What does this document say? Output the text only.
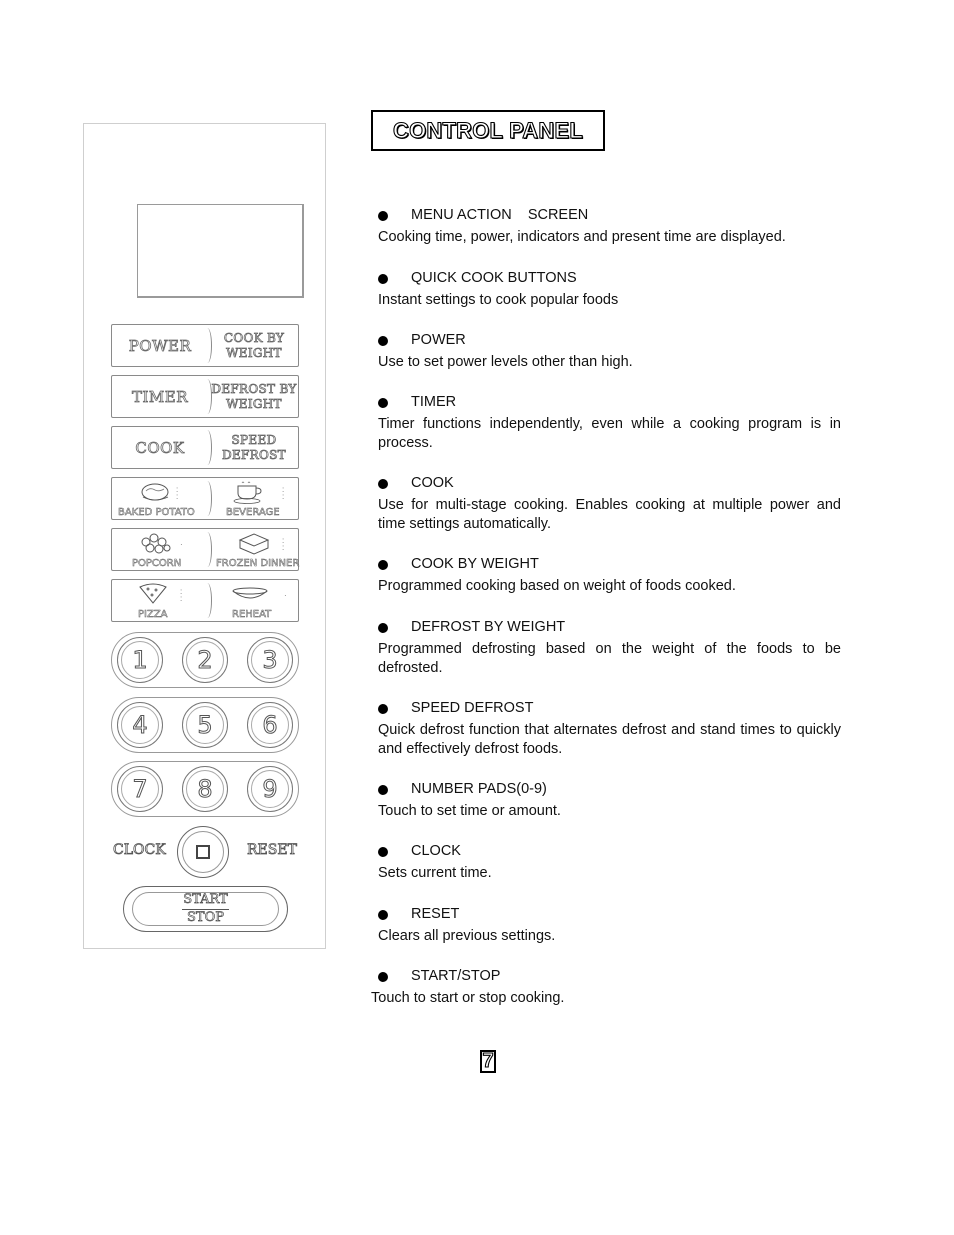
POWER	COOK BY
WEIGHT
TIMER	DEFROST BY
WEIGHT
COOK	SPEED
DEFROST
:
:
BAKED POTATO
:
:
BEVERAGE
·
POPCORN
:
:
FROZEN DINNER
:
:
PIZZA
·
REHEAT
1	2	3
4	5	6
7	8	9
CLOCK	RESET
START
STOP
CONTROL PANEL
MENU ACTION    SCREEN
Cooking time, power, indicators and present time are displayed.
QUICK COOK BUTTONS
Instant settings to cook popular foods
POWER
Use to set power levels other than high.
TIMER
Timer functions independently, even while a cooking program is in process.
COOK
Use for multi-stage cooking. Enables cooking at multiple power and time settings automatically.
COOK BY WEIGHT
Programmed cooking based on weight of foods cooked.
DEFROST BY WEIGHT
Programmed defrosting based on the weight of the foods to be defrosted.
SPEED DEFROST
Quick defrost function that alternates defrost and stand times to quickly and effectively defrost foods.
NUMBER PADS(0-9)
Touch to set time or amount.
CLOCK
Sets current time.
RESET
Clears all previous settings.
START/STOP
Touch to start or stop cooking.
7
